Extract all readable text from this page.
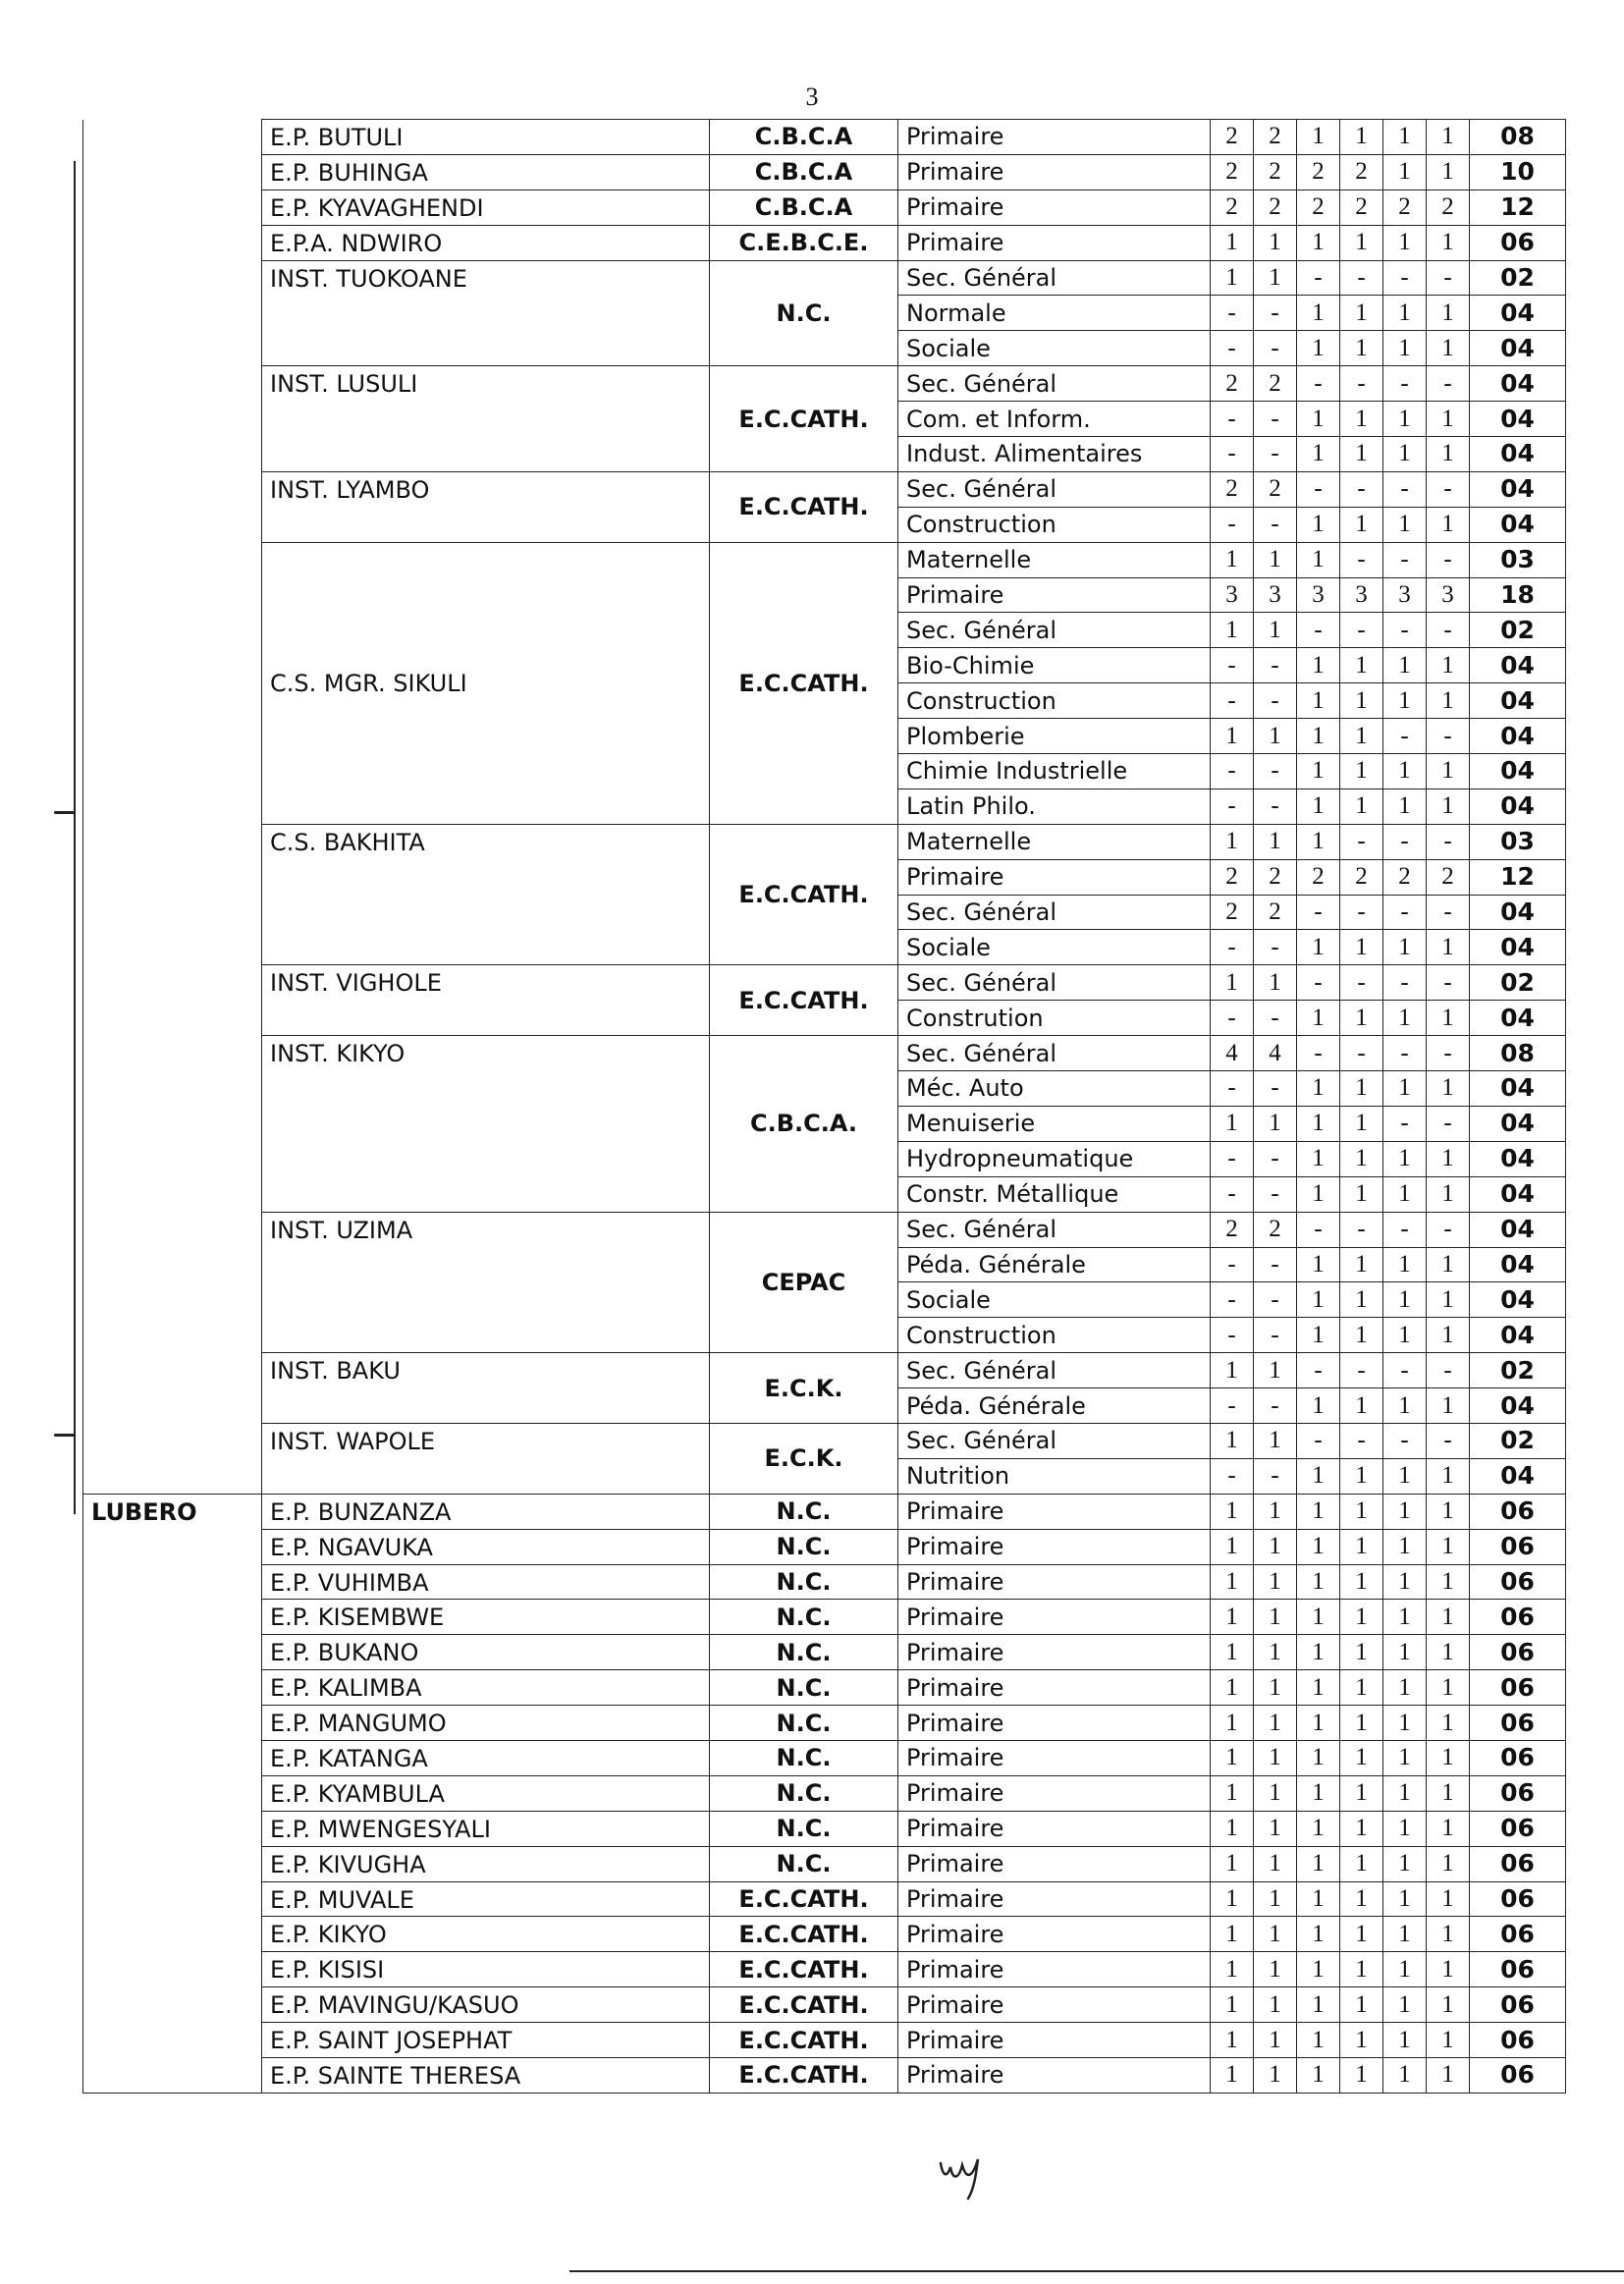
3
	E.P. BUTULI	C.B.C.A	Primaire	2	2	1	1	1	1	08
	E.P. BUHINGA	C.B.C.A	Primaire	2	2	2	2	1	1	10
	E.P. KYAVAGHENDI	C.B.C.A	Primaire	2	2	2	2	2	2	12
	E.P.A. NDWIRO	C.E.B.C.E.	Primaire	1	1	1	1	1	1	06
	INST. TUOKOANE	N.C.	Sec. Général	1	1	-	-	-	-	02
			Normale	-	-	1	1	1	1	04
			Sociale	-	-	1	1	1	1	04
	INST. LUSULI	E.C.CATH.	Sec. Général	2	2	-	-	-	-	04
			Com. et Inform.	-	-	1	1	1	1	04
			Indust. Alimentaires	-	-	1	1	1	1	04
	INST. LYAMBO	E.C.CATH.	Sec. Général	2	2	-	-	-	-	04
			Construction	-	-	1	1	1	1	04
	C.S. MGR. SIKULI	E.C.CATH.	Maternelle	1	1	1	-	-	-	03
			Primaire	3	3	3	3	3	3	18
			Sec. Général	1	1	-	-	-	-	02
			Bio-Chimie	-	-	1	1	1	1	04
			Construction	-	-	1	1	1	1	04
			Plomberie	1	1	1	1	-	-	04
			Chimie Industrielle	-	-	1	1	1	1	04
			Latin Philo.	-	-	1	1	1	1	04
	C.S. BAKHITA	E.C.CATH.	Maternelle	1	1	1	-	-	-	03
			Primaire	2	2	2	2	2	2	12
			Sec. Général	2	2	-	-	-	-	04
			Sociale	-	-	1	1	1	1	04
	INST. VIGHOLE	E.C.CATH.	Sec. Général	1	1	-	-	-	-	02
			Constrution	-	-	1	1	1	1	04
	INST. KIKYO	C.B.C.A.	Sec. Général	4	4	-	-	-	-	08
			Méc. Auto	-	-	1	1	1	1	04
			Menuiserie	1	1	1	1	-	-	04
			Hydropneumatique	-	-	1	1	1	1	04
			Constr. Métallique	-	-	1	1	1	1	04
	INST. UZIMA	CEPAC	Sec. Général	2	2	-	-	-	-	04
			Péda. Générale	-	-	1	1	1	1	04
			Sociale	-	-	1	1	1	1	04
			Construction	-	-	1	1	1	1	04
	INST. BAKU	E.C.K.	Sec. Général	1	1	-	-	-	-	02
			Péda. Générale	-	-	1	1	1	1	04
	INST. WAPOLE	E.C.K.	Sec. Général	1	1	-	-	-	-	02
			Nutrition	-	-	1	1	1	1	04
LUBERO	E.P. BUNZANZA	N.C.	Primaire	1	1	1	1	1	1	06
	E.P. NGAVUKA	N.C.	Primaire	1	1	1	1	1	1	06
	E.P. VUHIMBA	N.C.	Primaire	1	1	1	1	1	1	06
	E.P. KISEMBWE	N.C.	Primaire	1	1	1	1	1	1	06
	E.P. BUKANO	N.C.	Primaire	1	1	1	1	1	1	06
	E.P. KALIMBA	N.C.	Primaire	1	1	1	1	1	1	06
	E.P. MANGUMO	N.C.	Primaire	1	1	1	1	1	1	06
	E.P. KATANGA	N.C.	Primaire	1	1	1	1	1	1	06
	E.P. KYAMBULA	N.C.	Primaire	1	1	1	1	1	1	06
	E.P. MWENGESYALI	N.C.	Primaire	1	1	1	1	1	1	06
	E.P. KIVUGHA	N.C.	Primaire	1	1	1	1	1	1	06
	E.P. MUVALE	E.C.CATH.	Primaire	1	1	1	1	1	1	06
	E.P. KIKYO	E.C.CATH.	Primaire	1	1	1	1	1	1	06
	E.P. KISISI	E.C.CATH.	Primaire	1	1	1	1	1	1	06
	E.P. MAVINGU/KASUO	E.C.CATH.	Primaire	1	1	1	1	1	1	06
	E.P. SAINT JOSEPHAT	E.C.CATH.	Primaire	1	1	1	1	1	1	06
	E.P. SAINTE THERESA	E.C.CATH.	Primaire	1	1	1	1	1	1	06
